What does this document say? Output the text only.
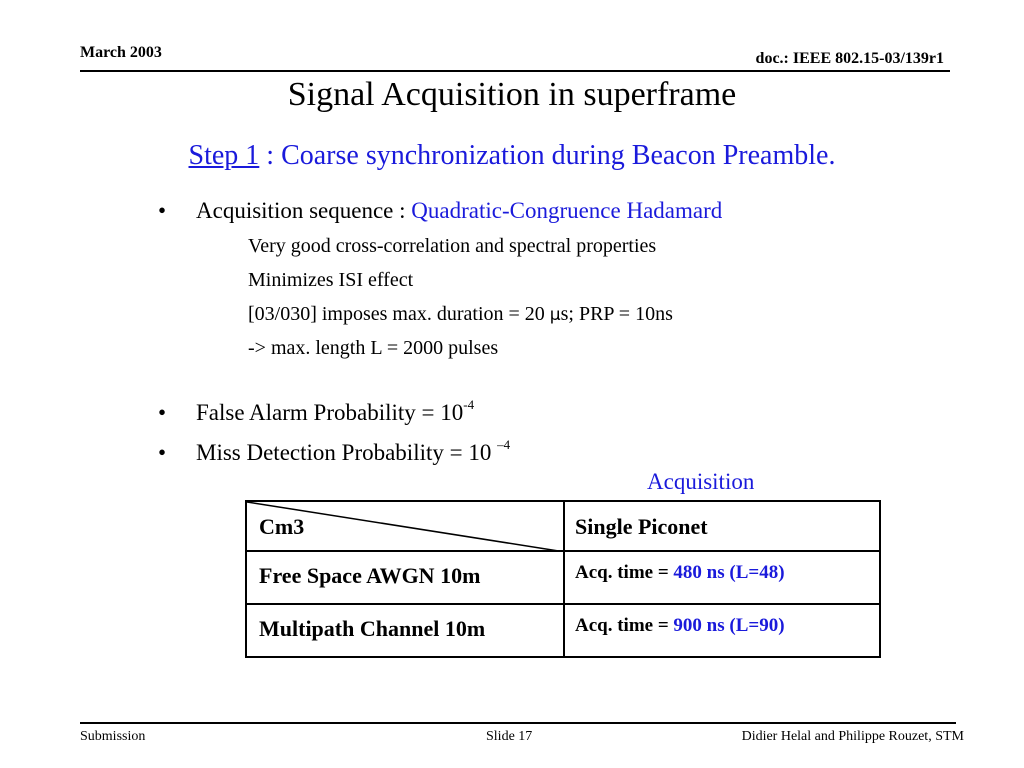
March 2003	doc.: IEEE 802.15-03/139r1
Signal Acquisition in superframe
Step 1 : Coarse synchronization during Beacon Preamble.
• Acquisition sequence : Quadratic-Congruence Hadamard
Very good cross-correlation and spectral properties
Minimizes ISI effect
[03/030] imposes max. duration = 20 μs; PRP = 10ns
-> max. length L = 2000 pulses
• False Alarm Probability = $10^{-4}$
• Miss Detection Probability = 10 $^{-4}$
Acquisition
Cm3	Single Piconet
Free Space AWGN 10m	Acq. time = 480 ns (L=48)
Multipath Channel 10m	Acq. time = 900 ns (L=90)
Submission	Slide 17	Didier Helal and Philippe Rouzet, STM
